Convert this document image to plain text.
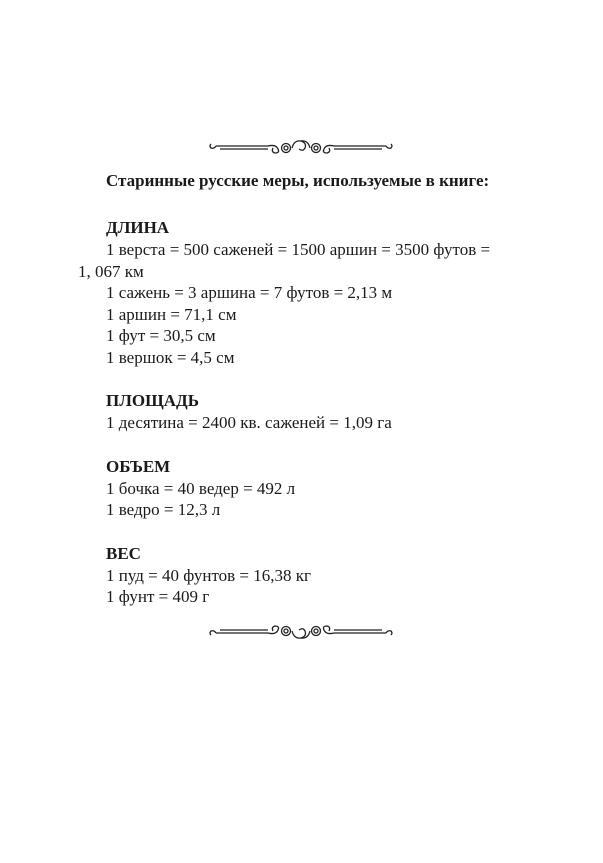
Старинные русские меры, используемые в книге:
ДЛИНА
1 верста = 500 саженей = 1500 аршин = 3500 футов =
1, 067 км
1 сажень = 3 аршина = 7 футов = 2,13 м
1 аршин = 71,1 см
1 фут = 30,5 см
1 вершок = 4,5 см
ПЛОЩАДЬ
1 десятина = 2400 кв. саженей = 1,09 га
ОБЪЕМ
1 бочка = 40 ведер = 492 л
1 ведро = 12,3 л
ВЕС
1 пуд = 40 фунтов = 16,38 кг
1 фунт = 409 г
